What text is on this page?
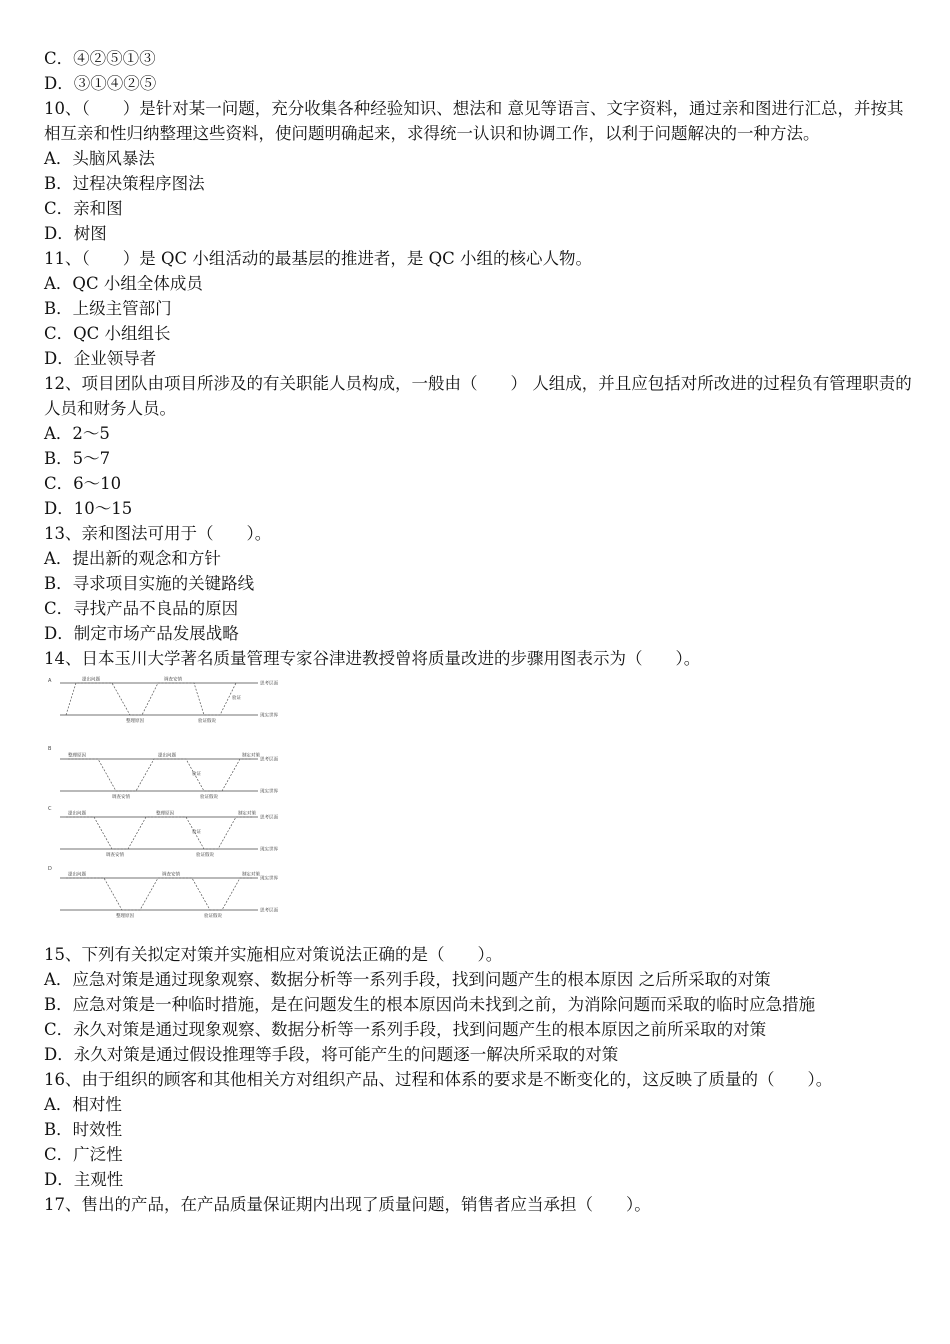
C．④②⑤①③
D．③①④②⑤
10、（　　）是针对某一问题，充分收集各种经验知识、想法和 意见等语言、文字资料，通过亲和图进行汇总，并按其相互亲和性归纳整理这些资料，使问题明确起来，求得统一认识和协调工作，以利于问题解决的一种方法。
A．头脑风暴法
B．过程决策程序图法
C．亲和图
D．树图
11、（　　）是 QC 小组活动的最基层的推进者，是 QC 小组的核心人物。
A．QC 小组全体成员
B．上级主管部门
C．QC 小组组长
D．企业领导者
12、项目团队由项目所涉及的有关职能人员构成，一般由（　　） 人组成，并且应包括对所改进的过程负有管理职责的人员和财务人员。
A．2～5
B．5～7
C．6～10
D．10～15
13、亲和图法可用于（　　）。
A．提出新的观念和方针
B．寻求项目实施的关键路线
C．寻找产品不良品的原因
D．制定市场产品发展战略
14、日本玉川大学著名质量管理专家谷津进教授曾将质量改进的步骤用图表示为（　　）。
A	思考层面
现实世界
提出问题	调查安情
整理原因	验证假说
验证
B
思考层面
现实世界
整理原因	提出问题	制定对策
调查安情	验证假说
验证
C
思考层面
现实世界
提出问题	整理原因	制定对策
调查安情	验证假说
验证
D
现实世界
思考层面
提出问题	调查安情	制定对策
整理原因	验证假说
15、下列有关拟定对策并实施相应对策说法正确的是（　　）。
A．应急对策是通过现象观察、数据分析等一系列手段，找到问题产生的根本原因 之后所采取的对策
B．应急对策是一种临时措施，是在问题发生的根本原因尚未找到之前，为消除问题而采取的临时应急措施
C．永久对策是通过现象观察、数据分析等一系列手段，找到问题产生的根本原因之前所采取的对策
D．永久对策是通过假设推理等手段，将可能产生的问题逐一解决所采取的对策
16、由于组织的顾客和其他相关方对组织产品、过程和体系的要求是不断变化的，这反映了质量的（　　）。
A．相对性
B．时效性
C．广泛性
D．主观性
17、售出的产品，在产品质量保证期内出现了质量问题，销售者应当承担（　　）。
